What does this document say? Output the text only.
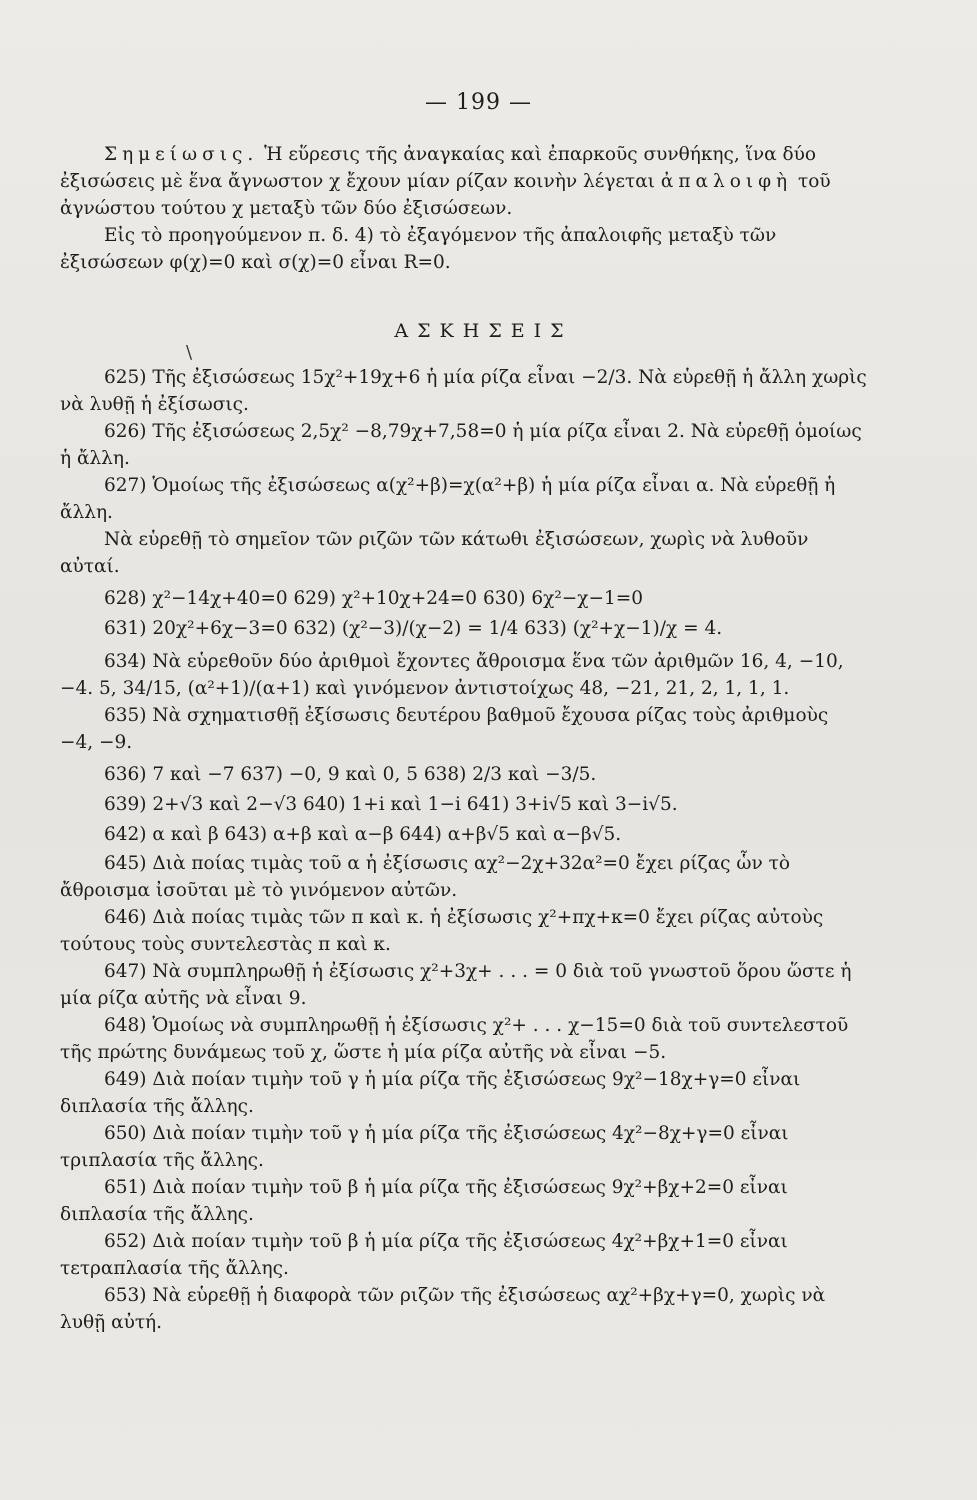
— 199 —

Σημείωσις. Ἡ εὕρεσις τῆς ἀναγκαίας καὶ ἐπαρκοῦς συνθήκης, ἵνα δύο ἐξισώσεις μὲ ἕνα ἄγνωστον χ ἔχουν μίαν ρίζαν κοινὴν λέγεται ἀπαλοιφὴ τοῦ ἀγνώστου τούτου χ μεταξὺ τῶν δύο ἐξισώσεων.

Εἰς τὸ προηγούμενον π. δ. 4) τὸ ἐξαγόμενον τῆς ἀπαλοιφῆς μεταξὺ τῶν ἐξισώσεων φ(χ)=0 καὶ σ(χ)=0 εἶναι R=0.

ΑΣΚΗΣΕΙΣ
\

625) Τῆς ἐξισώσεως 15χ²+19χ+6 ἡ μία ρίζα εἶναι −2/3. Νὰ εὑρεθῇ ἡ ἄλλη χωρὶς νὰ λυθῇ ἡ ἐξίσωσις.

626) Τῆς ἐξισώσεως 2,5χ² −8,79χ+7,58=0 ἡ μία ρίζα εἶναι 2. Νὰ εὑρεθῇ ὁμοίως ἡ ἄλλη.

627) Ὁμοίως τῆς ἐξισώσεως α(χ²+β)=χ(α²+β) ἡ μία ρίζα εἶναι α. Νὰ εὑρεθῇ ἡ ἄλλη.

Νὰ εὑρεθῇ τὸ σημεῖον τῶν ριζῶν τῶν κάτωθι ἐξισώσεων, χωρὶς νὰ λυθοῦν αὐταί.

628) χ²−14χ+40=0 629) χ²+10χ+24=0 630) 6χ²−χ−1=0
631) 20χ²+6χ−3=0 632) (χ²−3)/(χ−2) = 1/4 633) (χ²+χ−1)/χ = 4.

634) Νὰ εὑρεθοῦν δύο ἀριθμοὶ ἔχοντες ἄθροισμα ἕνα τῶν ἀριθμῶν 16, 4, −10, −4. 5, 34/15, (α²+1)/(α+1) καὶ γινόμενον ἀντιστοίχως 48, −21, 21, 2, 1, 1, 1.

635) Νὰ σχηματισθῇ ἐξίσωσις δευτέρου βαθμοῦ ἔχουσα ρίζας τοὺς ἀριθμοὺς −4, −9.

636) 7 καὶ −7 637) −0, 9 καὶ 0, 5 638) 2/3 καὶ −3/5.
639) 2+√3 καὶ 2−√3 640) 1+i καὶ 1−i 641) 3+i√5 καὶ 3−i√5.
642) α καὶ β 643) α+β καὶ α−β 644) α+β√5 καὶ α−β√5.

645) Διὰ ποίας τιμὰς τοῦ α ἡ ἐξίσωσις αχ²−2χ+32α²=0 ἔχει ρίζας ὧν τὸ ἄθροισμα ἰσοῦται μὲ τὸ γινόμενον αὐτῶν.

646) Διὰ ποίας τιμὰς τῶν π καὶ κ. ἡ ἐξίσωσις χ²+πχ+κ=0 ἔχει ρίζας αὐτοὺς τούτους τοὺς συντελεστὰς π καὶ κ.

647) Νὰ συμπληρωθῇ ἡ ἐξίσωσις χ²+3χ+ . . . = 0 διὰ τοῦ γνωστοῦ ὅρου ὥστε ἡ μία ρίζα αὐτῆς νὰ εἶναι 9.

648) Ὁμοίως νὰ συμπληρωθῇ ἡ ἐξίσωσις χ²+ . . . χ−15=0 διὰ τοῦ συντελεστοῦ τῆς πρώτης δυνάμεως τοῦ χ, ὥστε ἡ μία ρίζα αὐτῆς νὰ εἶναι −5.

649) Διὰ ποίαν τιμὴν τοῦ γ ἡ μία ρίζα τῆς ἐξισώσεως 9χ²−18χ+γ=0 εἶναι διπλασία τῆς ἄλλης.

650) Διὰ ποίαν τιμὴν τοῦ γ ἡ μία ρίζα τῆς ἐξισώσεως 4χ²−8χ+γ=0 εἶναι τριπλασία τῆς ἄλλης.

651) Διὰ ποίαν τιμὴν τοῦ β ἡ μία ρίζα τῆς ἐξισώσεως 9χ²+βχ+2=0 εἶναι διπλασία τῆς ἄλλης.

652) Διὰ ποίαν τιμὴν τοῦ β ἡ μία ρίζα τῆς ἐξισώσεως 4χ²+βχ+1=0 εἶναι τετραπλασία τῆς ἄλλης.

653) Νὰ εὑρεθῇ ἡ διαφορὰ τῶν ριζῶν τῆς ἐξισώσεως αχ²+βχ+γ=0, χωρὶς νὰ λυθῇ αὐτή.
